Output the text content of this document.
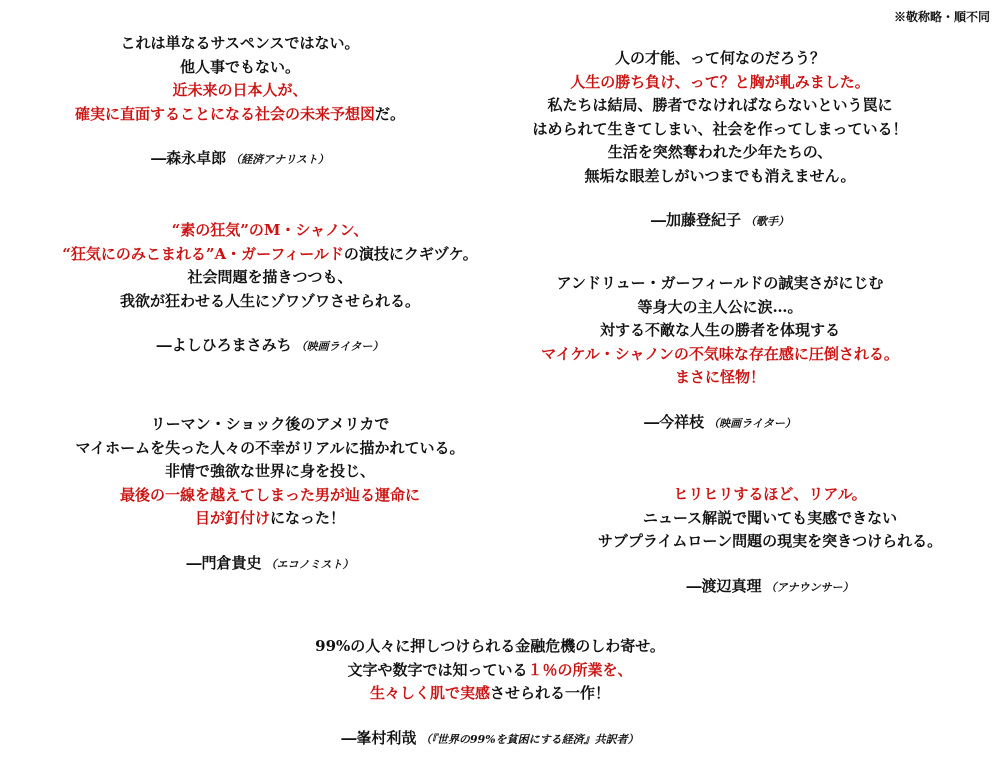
※敬称略・順不同
これは単なるサスペンスではない。
他人事でもない。
近未来の日本人が、
確実に直面することになる社会の未来予想図だ。
―森永卓郎 （経済アナリスト）
人の才能、って何なのだろう？
人生の勝ち負け、って？と胸が軋みました。
私たちは結局、勝者でなければならないという罠に
はめられて生きてしまい、社会を作ってしまっている！
生活を突然奪われた少年たちの、
無垢な眼差しがいつまでも消えません。
―加藤登紀子 （歌手）
“素の狂気”のM・シャノン、
“狂気にのみこまれる”A・ガーフィールドの演技にクギヅケ。
社会問題を描きつつも、
我欲が狂わせる人生にゾワゾワさせられる。
―よしひろまさみち （映画ライター）
アンドリュー・ガーフィールドの誠実さがにじむ
等身大の主人公に涙…。
対する不敵な人生の勝者を体現する
マイケル・シャノンの不気味な存在感に圧倒される。
まさに怪物！
―今祥枝 （映画ライター）
リーマン・ショック後のアメリカで
マイホームを失った人々の不幸がリアルに描かれている。
非情で強欲な世界に身を投じ、
最後の一線を越えてしまった男が辿る運命に
目が釘付けになった！
―門倉貴史 （エコノミスト）
ヒリヒリするほど、リアル。
ニュース解説で聞いても実感できない
サブプライムローン問題の現実を突きつけられる。
―渡辺真理 （アナウンサー）
99%の人々に押しつけられる金融危機のしわ寄せ。
文字や数字では知っている１％の所業を、
生々しく肌で実感させられる一作！
―峯村利哉 （『世界の99%を貧困にする経済』共訳者）
